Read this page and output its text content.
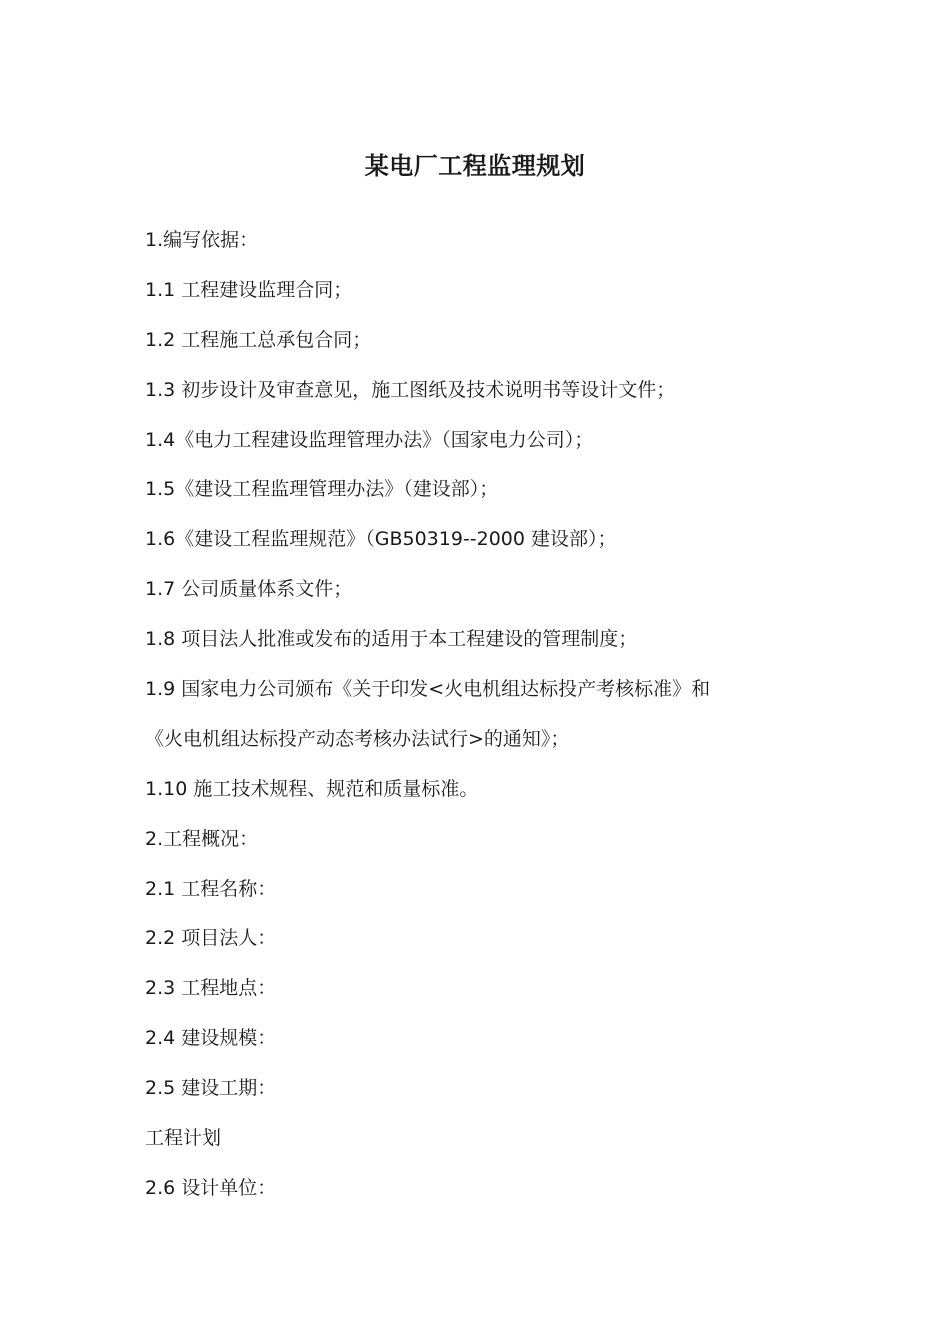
某电厂工程监理规划
1.编写依据：
1.1 工程建设监理合同；
1.2 工程施工总承包合同；
1.3 初步设计及审查意见，施工图纸及技术说明书等设计文件；
1.4《电力工程建设监理管理办法》（国家电力公司）；
1.5《建设工程监理管理办法》（建设部）；
1.6《建设工程监理规范》（GB50319--2000 建设部）；
1.7 公司质量体系文件；
1.8 项目法人批准或发布的适用于本工程建设的管理制度；
1.9 国家电力公司颁布《关于印发<火电机组达标投产考核标准》和
《火电机组达标投产动态考核办法试行>的通知》；
1.10 施工技术规程、规范和质量标准。
2.工程概况：
2.1 工程名称：
2.2 项目法人：
2.3 工程地点：
2.4 建设规模：
2.5 建设工期：
工程计划
2.6 设计单位：
